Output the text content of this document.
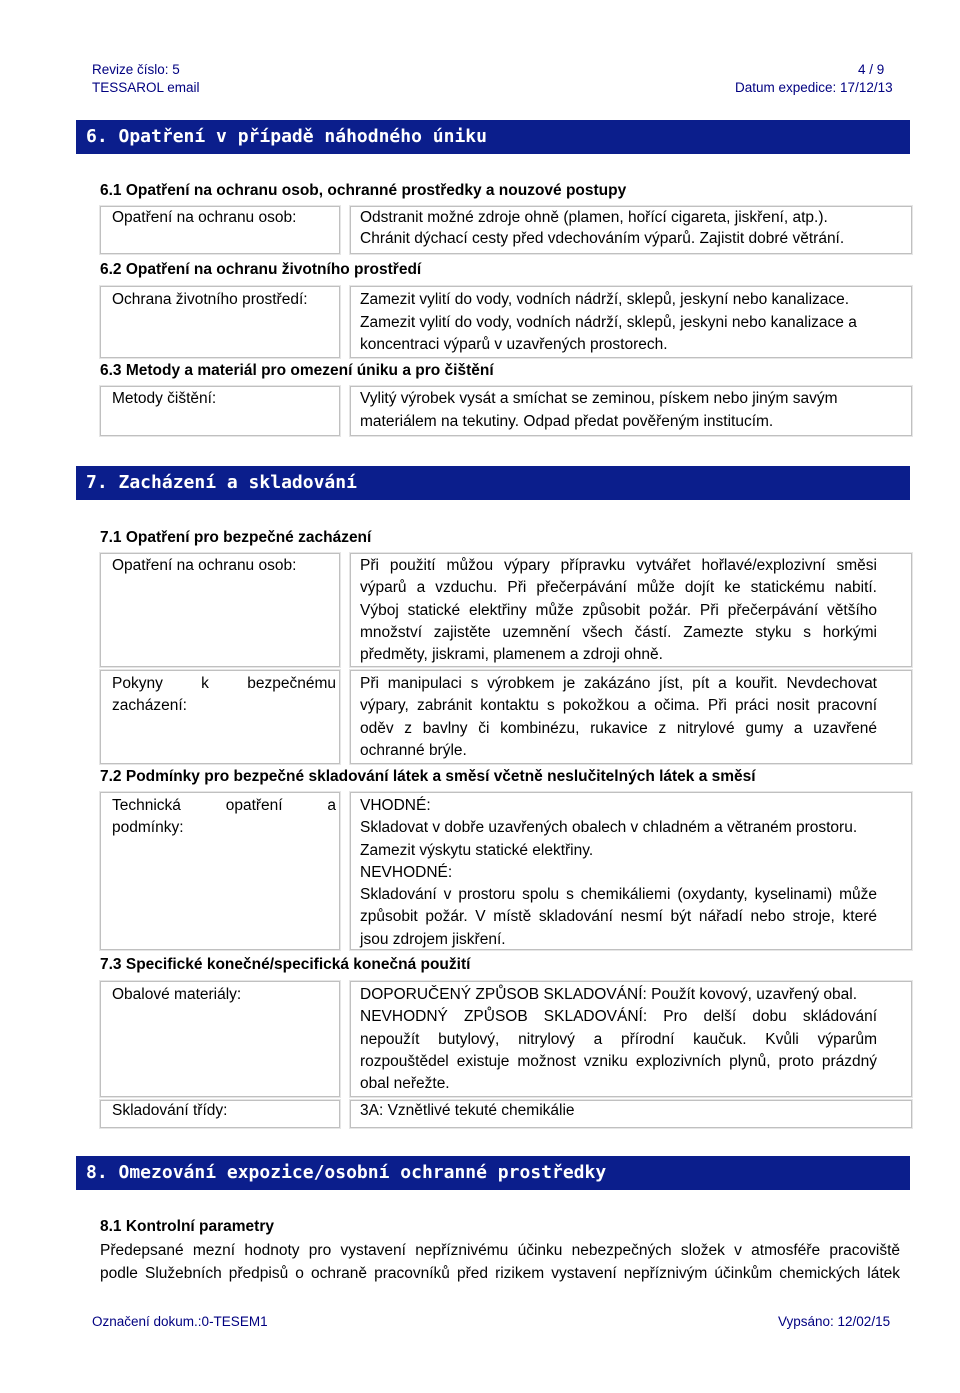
Revize číslo: 5	4 / 9
TESSAROL email	Datum expedice: 17/12/13
6. Opatření v případě náhodného úniku
6.1 Opatření na ochranu osob, ochranné prostředky a nouzové postupy
Opatření na ochranu osob:	Odstranit možné zdroje ohně (plamen, hořící cigareta, jiskření, atp.).
Chránit dýchací cesty před vdechováním výparů. Zajistit dobré větrání.
6.2 Opatření na ochranu životního prostředí
Ochrana životního prostředí:	Zamezit vylití do vody, vodních nádrží, sklepů, jeskyní nebo kanalizace.
Zamezit vylití do vody, vodních nádrží, sklepů, jeskyni nebo kanalizace a
koncentraci výparů v uzavřených prostorech.
6.3 Metody a materiál pro omezení úniku a pro čištění
Metody čištění:	Vylitý výrobek vysát a smíchat se zeminou, pískem nebo jiným savým
materiálem na tekutiny. Odpad předat pověřeným institucím.
7. Zacházení a skladování
7.1 Opatření pro bezpečné zacházení
Opatření na ochranu osob:	Při použití můžou výpary přípravku vytvářet hořlavé/explozivní směsi
výparů a vzduchu. Při přečerpávání může dojít ke statickému nabití.
Výboj statické elektřiny může způsobit požár. Při přečerpávání většího
množství zajistěte uzemnění všech částí. Zamezte styku s horkými
předměty, jiskrami, plamenem a zdroji ohně.
Pokyny k bezpečnému
zacházení:
Při manipulaci s výrobkem je zakázáno jíst, pít a kouřit. Nevdechovat
výpary, zabránit kontaktu s pokožkou a očima. Při práci nosit pracovní
oděv z bavlny či kombinézu, rukavice z nitrylové gumy a uzavřené
ochranné brýle.
7.2 Podmínky pro bezpečné skladování látek a směsí včetně neslučitelných látek a směsí
Technická opatření a
podmínky:
VHODNÉ:
Skladovat v dobře uzavřených obalech v chladném a větraném prostoru.
Zamezit výskytu statické elektřiny.
NEVHODNÉ:
Skladování v prostoru spolu s chemikáliemi (oxydanty, kyselinami) může
způsobit požár. V místě skladování nesmí být nářadí nebo stroje, které
jsou zdrojem jiskření.
7.3 Specifické konečné/specifická konečná použití
Obalové materiály:	DOPORUČENÝ ZPŮSOB SKLADOVÁNÍ: Použít kovový, uzavřený obal.
NEVHODNÝ ZPŮSOB SKLADOVÁNÍ: Pro delší dobu skládování
nepoužít butylový, nitrylový a přírodní kaučuk. Kvůli výparům
rozpouštědel existuje možnost vzniku explozivních plynů, proto prázdný
obal neřežte.
Skladování třídy:	3A: Vznětlivé tekuté chemikálie
8. Omezování expozice/osobní ochranné prostředky
8.1 Kontrolní parametry
Předepsané mezní hodnoty pro vystavení nepříznivému účinku nebezpečných složek v atmosféře pracoviště
podle Služebních předpisů o ochraně pracovníků před rizikem vystavení nepříznivým účinkům chemických látek
Označení dokum.:0-TESEM1	Vypsáno: 12/02/15
